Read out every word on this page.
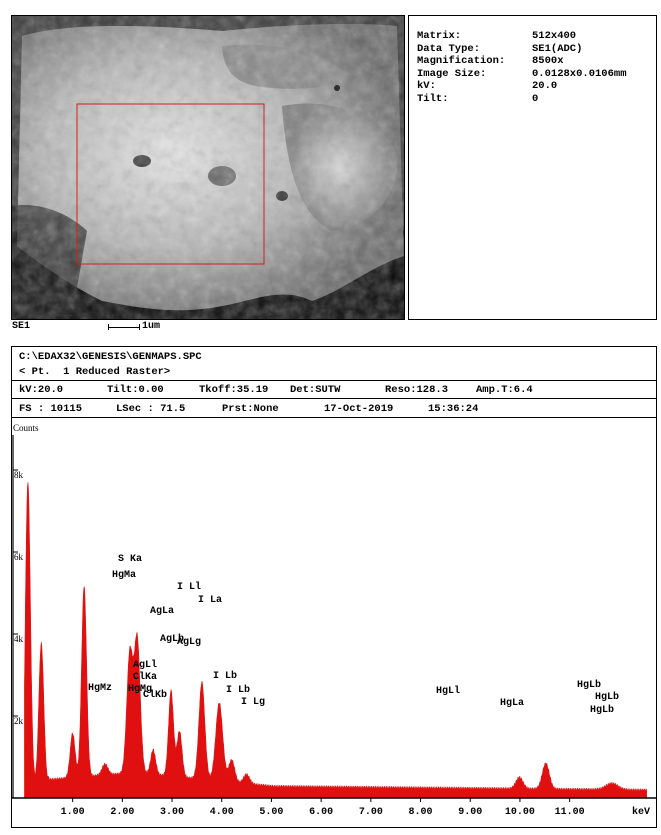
Matrix:	512x400
Data Type:	SE1(ADC)
Magnification:	8500x
Image Size:	0.0128x0.0106mm
kV:	20.0
Tilt:	0
SE1	1um
C:\EDAX32\GENESIS\GENMAPS.SPC
< Pt.  1 Reduced Raster>
kV:20.0	Tilt:0.00	Tkoff:35.19 Det:SUTW	Reso:128.3	Amp.T:6.4
FS : 10115	LSec : 71.5	Prst:None	17-Oct-2019	15:36:24
Counts
2k
4k
6k
8k
1.00	2.00	3.00	4.00	5.00	6.00	7.00	8.00	9.00 10.00 11.00	keV
S Ka
HgMa
HgMz
AgLa
AgLb
AgLl
ClKa
HgMg
ClKb
AgLg
I Ll
I La
I Lb
I Lb
I Lg
HgLl
HgLa
HgLb
HgLb
HgLb
